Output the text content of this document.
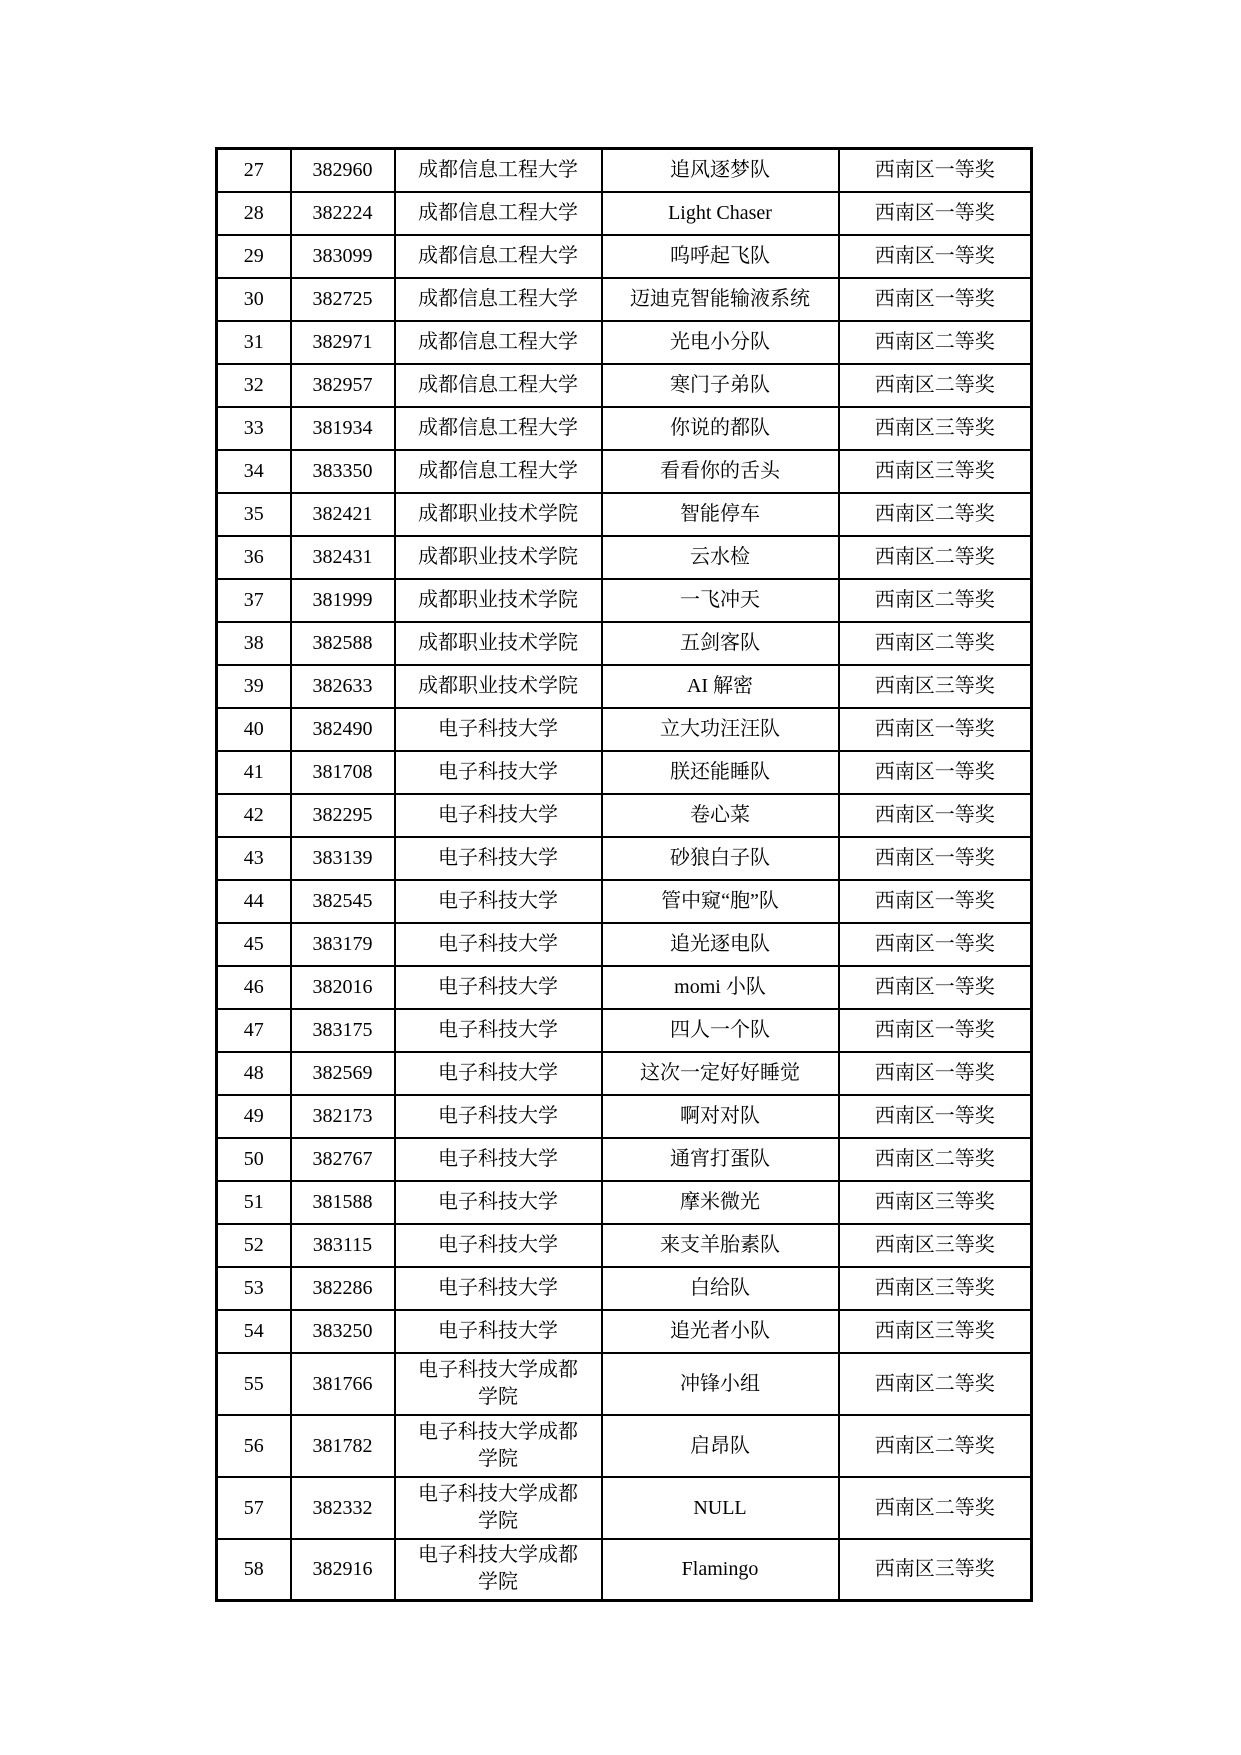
27	382960	成都信息工程大学	追风逐梦队	西南区一等奖
28	382224	成都信息工程大学	Light Chaser	西南区一等奖
29	383099	成都信息工程大学	呜呼起飞队	西南区一等奖
30	382725	成都信息工程大学	迈迪克智能输液系统	西南区一等奖
31	382971	成都信息工程大学	光电小分队	西南区二等奖
32	382957	成都信息工程大学	寒门子弟队	西南区二等奖
33	381934	成都信息工程大学	你说的都队	西南区三等奖
34	383350	成都信息工程大学	看看你的舌头	西南区三等奖
35	382421	成都职业技术学院	智能停车	西南区二等奖
36	382431	成都职业技术学院	云水检	西南区二等奖
37	381999	成都职业技术学院	一飞冲天	西南区二等奖
38	382588	成都职业技术学院	五剑客队	西南区二等奖
39	382633	成都职业技术学院	AI 解密	西南区三等奖
40	382490	电子科技大学	立大功汪汪队	西南区一等奖
41	381708	电子科技大学	朕还能睡队	西南区一等奖
42	382295	电子科技大学	卷心菜	西南区一等奖
43	383139	电子科技大学	砂狼白子队	西南区一等奖
44	382545	电子科技大学	管中窥“胞”队	西南区一等奖
45	383179	电子科技大学	追光逐电队	西南区一等奖
46	382016	电子科技大学	momi 小队	西南区一等奖
47	383175	电子科技大学	四人一个队	西南区一等奖
48	382569	电子科技大学	这次一定好好睡觉	西南区一等奖
49	382173	电子科技大学	啊对对队	西南区一等奖
50	382767	电子科技大学	通宵打蛋队	西南区二等奖
51	381588	电子科技大学	摩米微光	西南区三等奖
52	383115	电子科技大学	来支羊胎素队	西南区三等奖
53	382286	电子科技大学	白给队	西南区三等奖
54	383250	电子科技大学	追光者小队	西南区三等奖
55	381766	电子科技大学成都学院	冲锋小组	西南区二等奖
56	381782	电子科技大学成都学院	启昂队	西南区二等奖
57	382332	电子科技大学成都学院	NULL	西南区二等奖
58	382916	电子科技大学成都学院	Flamingo	西南区三等奖
